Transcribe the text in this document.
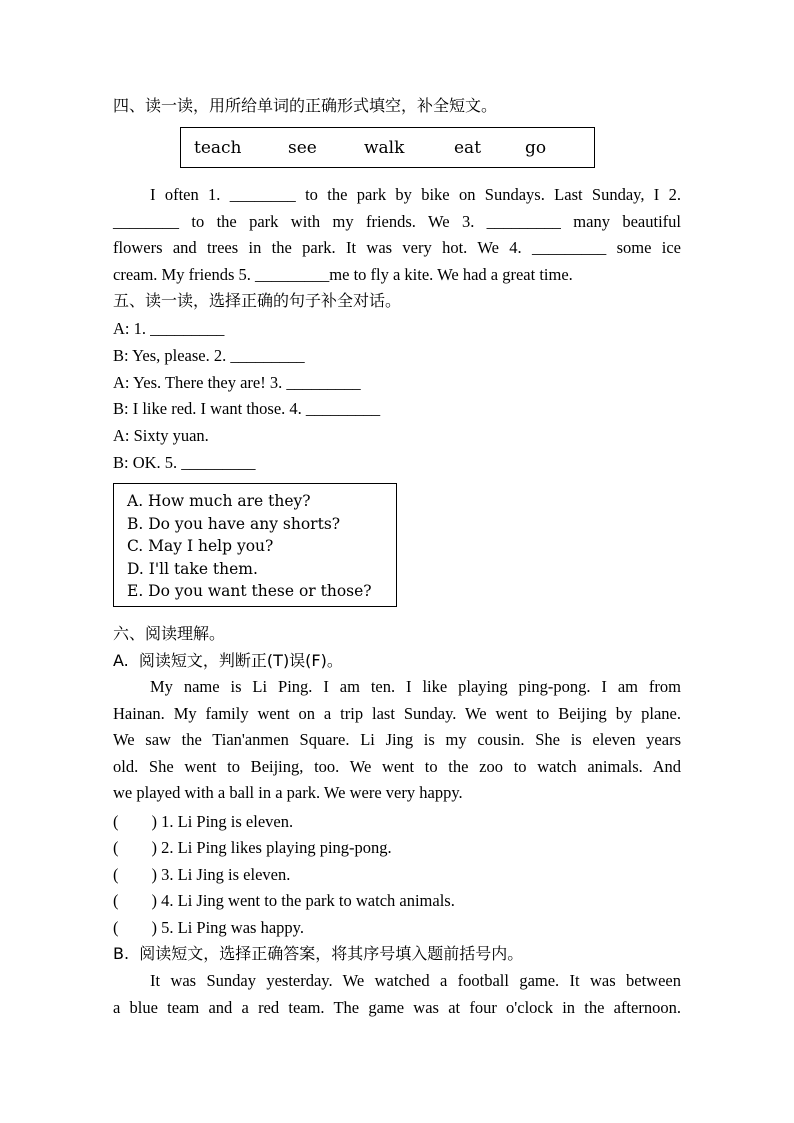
四、读一读，用所给单词的正确形式填空，补全短文。
teach	see	walk	eat	go
I often 1. ________ to the park by bike on Sundays. Last Sunday, I 2.
________ to the park with my friends. We 3. _________ many beautiful
flowers and trees in the park. It was very hot. We 4. _________ some ice
cream. My friends 5. _________me to fly a kite. We had a great time.
五、读一读，选择正确的句子补全对话。
A: 1. _________
B: Yes, please. 2. _________
A: Yes. There they are! 3. _________
B: I like red. I want those. 4. _________
A: Sixty yuan.
B: OK. 5. _________
A. How much are they?
B. Do you have any shorts?
C. May I help you?
D. I'll take them.
E. Do you want these or those?
六、阅读理解。
A.  阅读短文，判断正(T)误(F)。
My name is Li Ping. I am ten. I like playing ping-pong. I am from
Hainan. My family went on a trip last Sunday. We went to Beijing by plane.
We saw the Tian'anmen Square. Li Jing is my cousin. She is eleven years
old. She went to Beijing, too. We went to the zoo to watch animals. And
we played with a ball in a park. We were very happy.
(        ) 1. Li Ping is eleven.
(        ) 2. Li Ping likes playing ping-pong.
(        ) 3. Li Jing is eleven.
(        ) 4. Li Jing went to the park to watch animals.
(        ) 5. Li Ping was happy.
B.  阅读短文，选择正确答案，将其序号填入题前括号内。
It was Sunday yesterday. We watched a football game. It was between
a blue team and a red team. The game was at four o'clock in the afternoon.
